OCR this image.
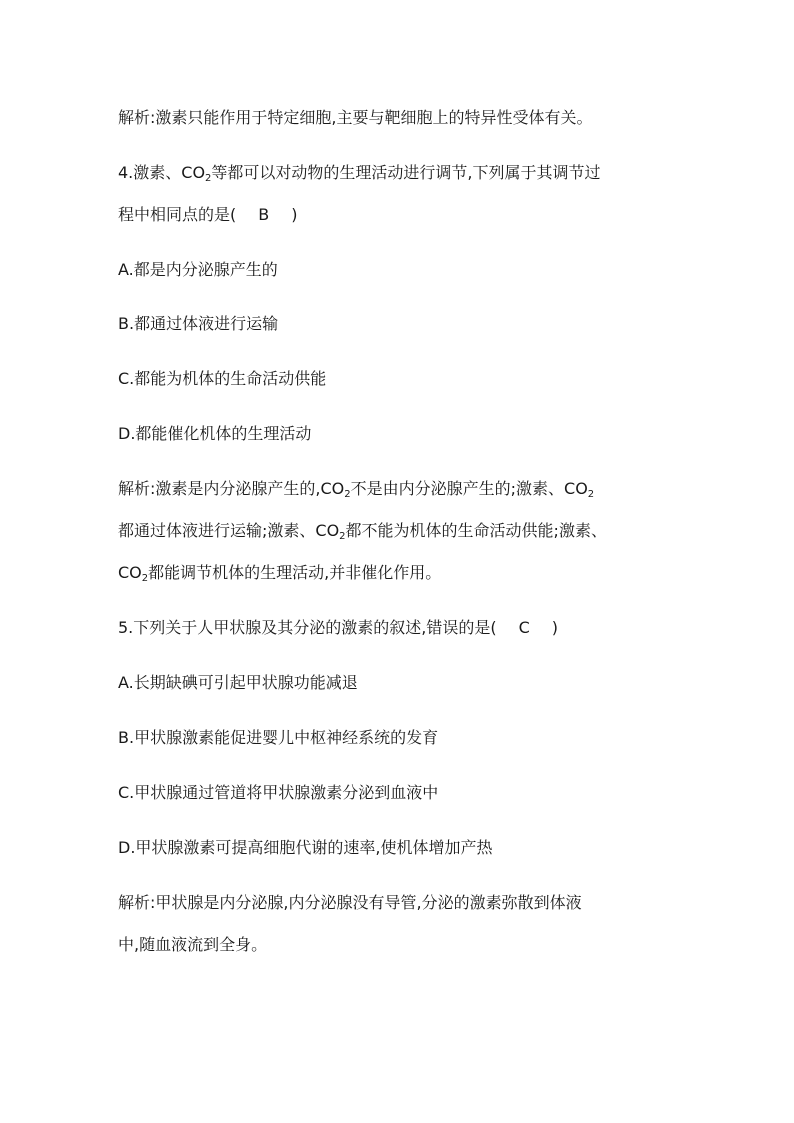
解析:激素只能作用于特定细胞,主要与靶细胞上的特异性受体有关。
4.激素、$CO_2$等都可以对动物的生理活动进行调节,下列属于其调节过
程中相同点的是( B )
A.都是内分泌腺产生的
B.都通过体液进行运输
C.都能为机体的生命活动供能
D.都能催化机体的生理活动
解析:激素是内分泌腺产生的$,CO_2$不是由内分泌腺产生的;激素、$CO_2$
都通过体液进行运输;激素、$CO_2$都不能为机体的生命活动供能;激素、
$CO_2$都能调节机体的生理活动,并非催化作用。
5.下列关于人甲状腺及其分泌的激素的叙述,错误的是( C )
A.长期缺碘可引起甲状腺功能减退
B.甲状腺激素能促进婴儿中枢神经系统的发育
C.甲状腺通过管道将甲状腺激素分泌到血液中
D.甲状腺激素可提高细胞代谢的速率,使机体增加产热
解析:甲状腺是内分泌腺,内分泌腺没有导管,分泌的激素弥散到体液
中,随血液流到全身。
